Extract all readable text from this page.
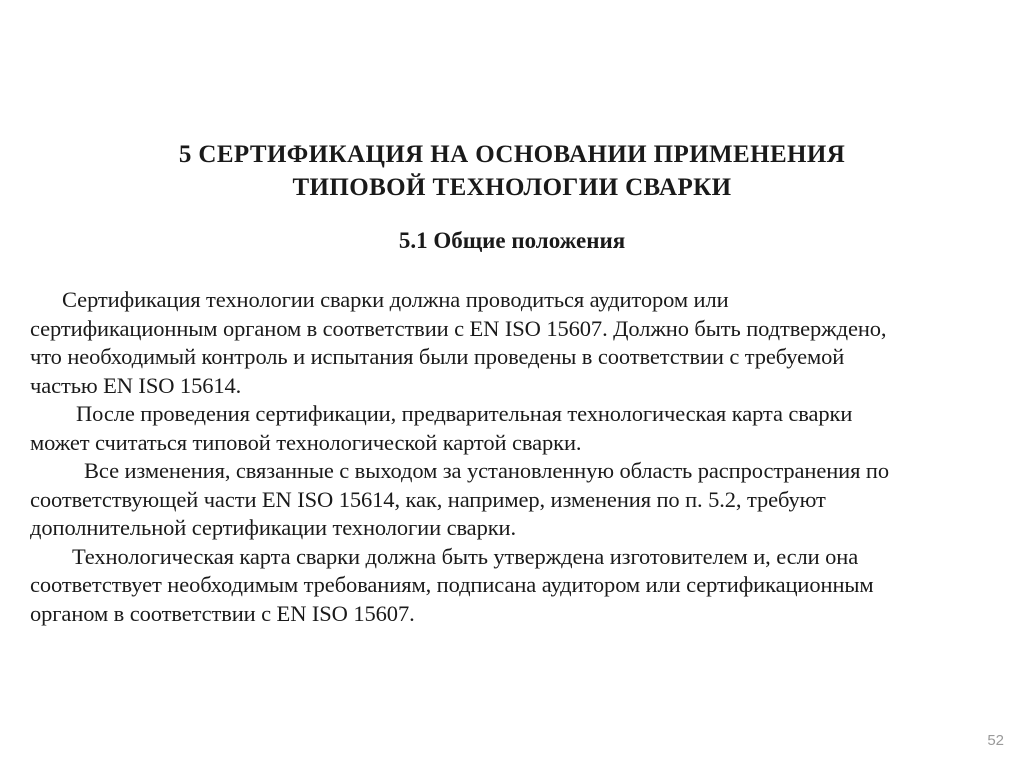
5 СЕРТИФИКАЦИЯ НА ОСНОВАНИИ ПРИМЕНЕНИЯ
ТИПОВОЙ ТЕХНОЛОГИИ СВАРКИ
5.1 Общие положения
Сертификация технологии сварки должна проводиться аудитором или
сертификационным органом в соответствии с EN ISO 15607. Должно быть подтверждено,
что необходимый контроль и испытания были проведены в соответствии с требуемой
частью EN ISO 15614.
После проведения сертификации, предварительная технологическая карта сварки
может считаться типовой технологической картой сварки.
Все изменения, связанные с выходом за установленную область распространения по
соответствующей части EN ISO 15614, как, например, изменения по п. 5.2, требуют
дополнительной сертификации технологии сварки.
Технологическая карта сварки должна быть утверждена изготовителем и, если она
соответствует необходимым требованиям, подписана аудитором или сертификационным
органом в соответствии с EN ISO 15607.
52
